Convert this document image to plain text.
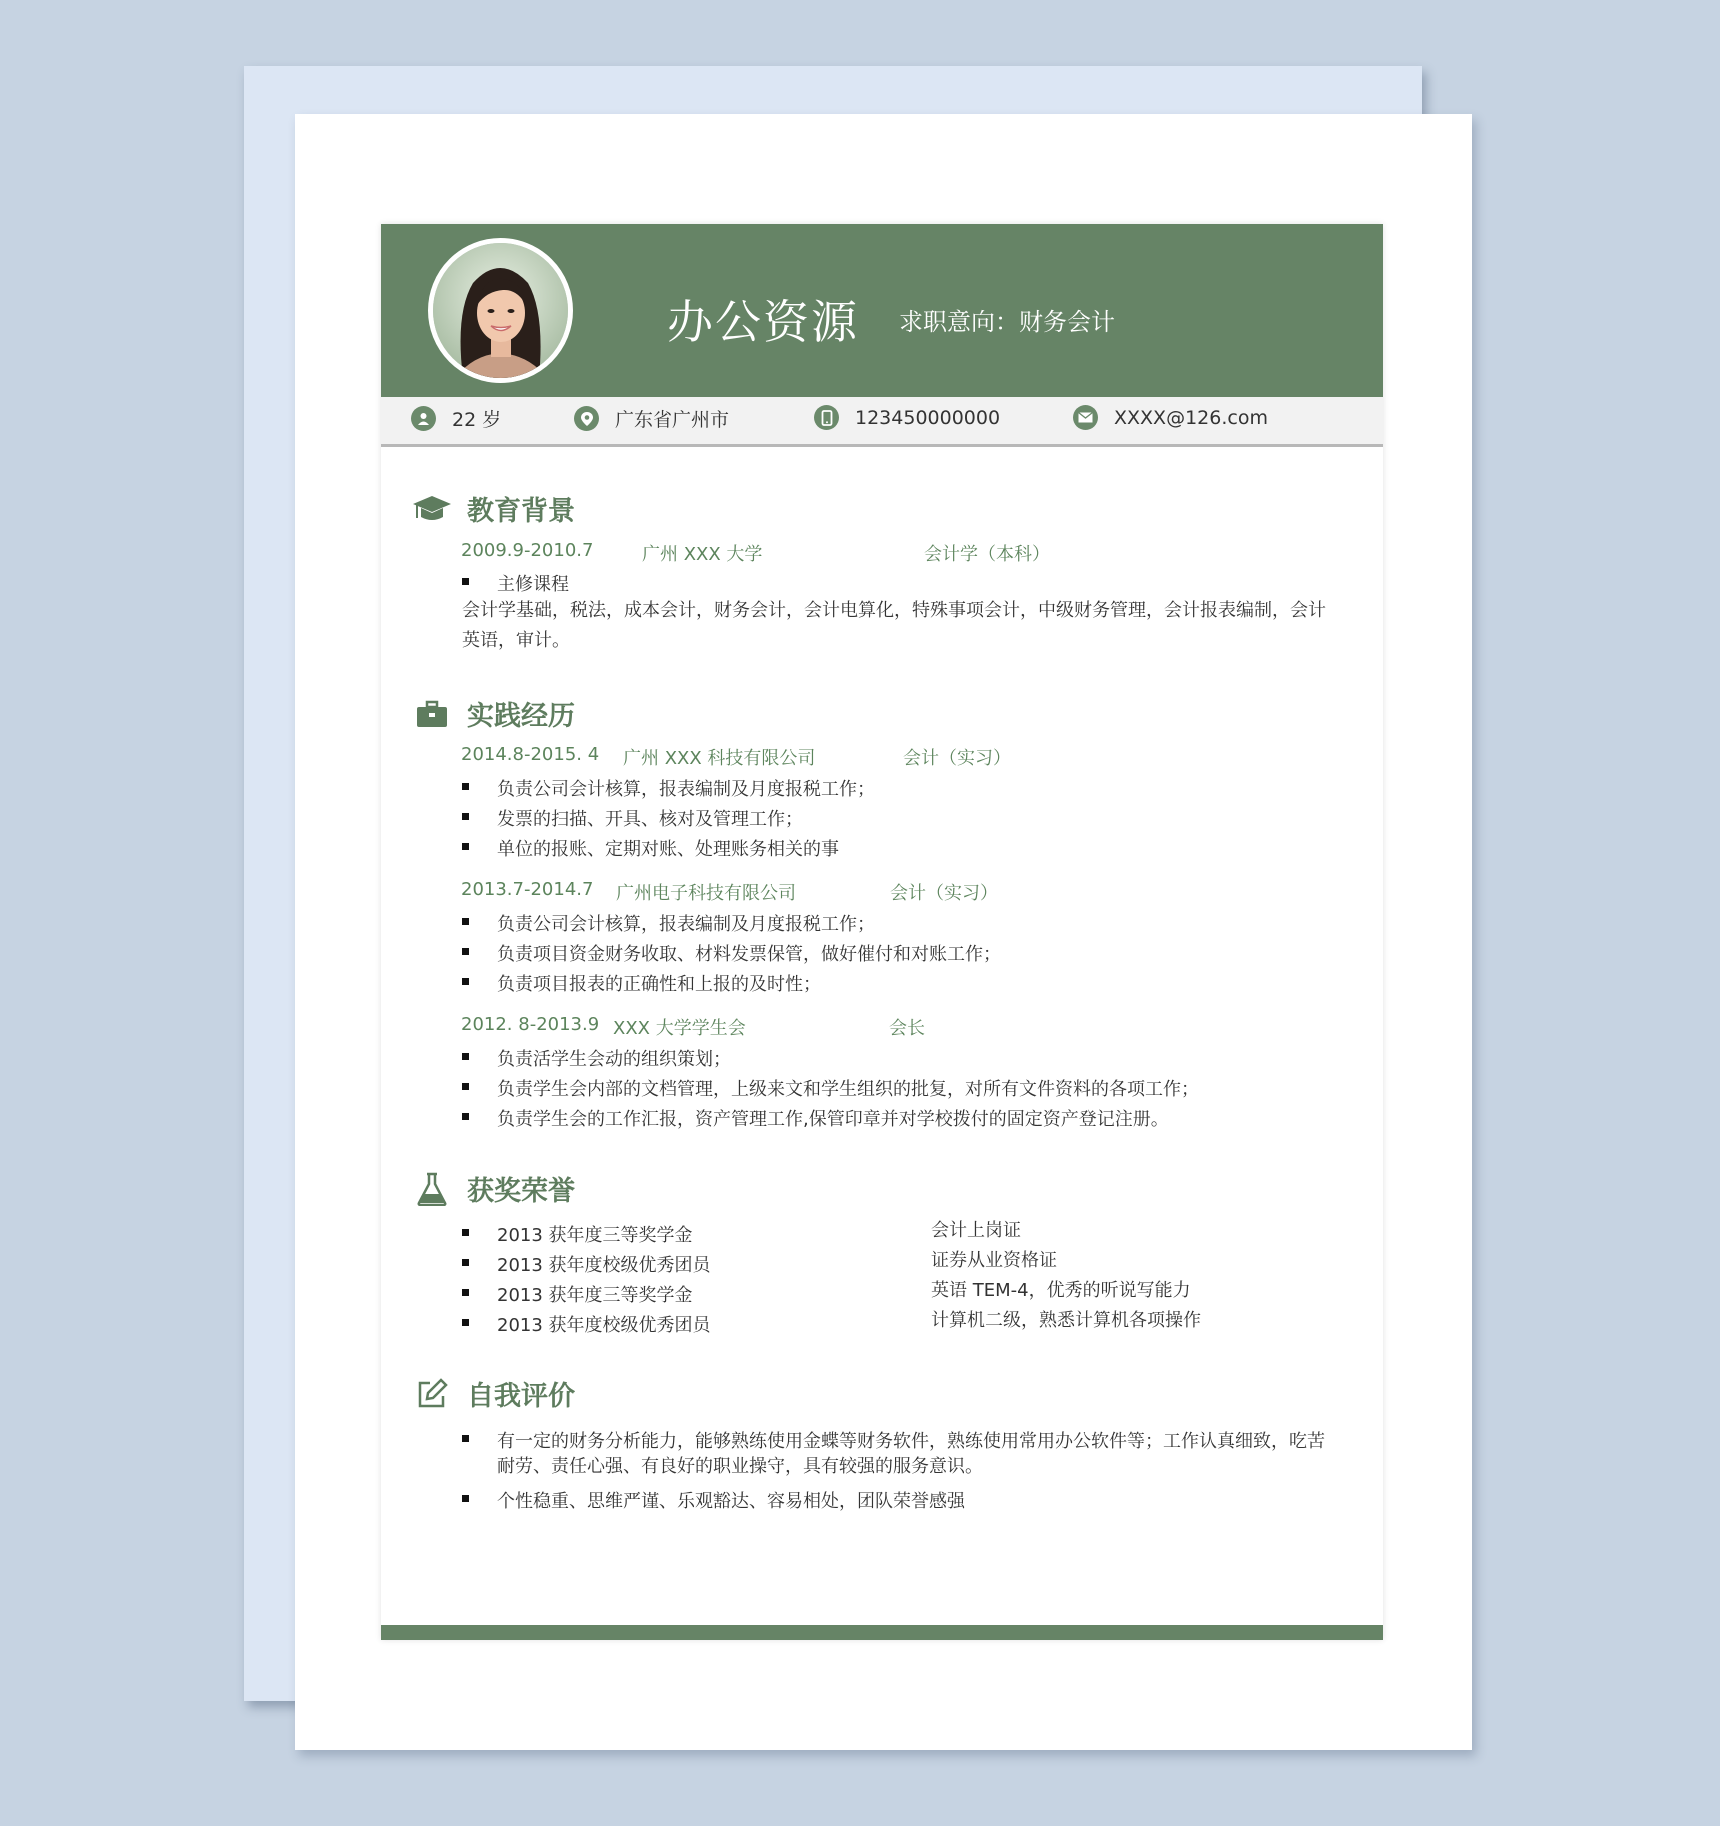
办公资源 求职意向：财务会计
22 岁	广东省广州市	123450000000	XXXX@126.com
教育背景
2009.9-2010.7	广州 XXX 大学	会计学（本科）
主修课程
会计学基础，税法，成本会计，财务会计，会计电算化，特殊事项会计，中级财务管理，会计报表编制，会计
英语，审计。
实践经历
2014.8-2015. 4 广州 XXX 科技有限公司	会计（实习）
负责公司会计核算，报表编制及月度报税工作；
发票的扫描、开具、核对及管理工作；
单位的报账、定期对账、处理账务相关的事
2013.7-2014.7 广州电子科技有限公司	会计（实习）
负责公司会计核算，报表编制及月度报税工作；
负责项目资金财务收取、材料发票保管，做好催付和对账工作；
负责项目报表的正确性和上报的及时性；
2012. 8-2013.9 XXX 大学学生会	会长
负责活学生会动的组织策划；
负责学生会内部的文档管理，上级来文和学生组织的批复，对所有文件资料的各项工作；
负责学生会的工作汇报，资产管理工作,保管印章并对学校拨付的固定资产登记注册。
获奖荣誉
2013 获年度三等奖学金
2013 获年度校级优秀团员
2013 获年度三等奖学金
2013 获年度校级优秀团员
会计上岗证
证券从业资格证
英语 TEM-4，优秀的听说写能力
计算机二级，熟悉计算机各项操作
自我评价
有一定的财务分析能力，能够熟练使用金蝶等财务软件，熟练使用常用办公软件等；工作认真细致，吃苦
耐劳、责任心强、有良好的职业操守，具有较强的服务意识。
个性稳重、思维严谨、乐观豁达、容易相处，团队荣誉感强
